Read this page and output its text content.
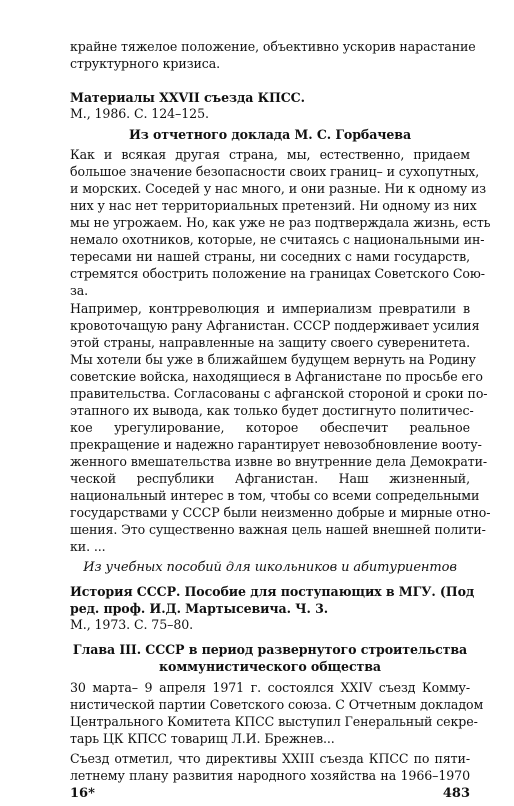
крайне тяжелое положение, объективно ускорив нарастание
структурного кризиса.
Материалы XXVII съезда КПСС.
М., 1986. С. 124–125.
Из отчетного доклада М. С. Горбачева
Как и всякая другая страна, мы, естественно, придаем
большое значение безопасности своих границ– и сухопутных,
и морских. Соседей у нас много, и они разные. Ни к одному из
них у нас нет территориальных претензий. Ни одному из них
мы не угрожаем. Но, как уже не раз подтверждала жизнь, есть
немало охотников, которые, не считаясь с национальными ин-
тересами ни нашей страны, ни соседних с нами государств,
стремятся обострить положение на границах Советского Сою-
за.
Например, контрреволюция и империализм превратили в
кровоточащую рану Афганистан. СССР поддерживает усилия
этой страны, направленные на защиту своего суверенитета.
Мы хотели бы уже в ближайшем будущем вернуть на Родину
советские войска, находящиеся в Афганистане по просьбе его
правительства. Согласованы с афганской стороной и сроки по-
этапного их вывода, как только будет достигнуто политичес-
кое урегулирование, которое обеспечит реальное
прекращение и надежно гарантирует невозобновление вооту-
женного вмешательства извне во внутренние дела Демократи-
ческой республики Афганистан. Наш жизненный,
национальный интерес в том, чтобы со всеми сопредельными
государствами у СССР были неизменно добрые и мирные отно-
шения. Это существенно важная цель нашей внешней полити-
ки. ...
Из учебных пособий для школьников и абитуриентов
История СССР. Пособие для поступающих в МГУ. (Под
ред. проф. И.Д. Мартысевича. Ч. 3.
М., 1973. С. 75–80.
Глава III. СССР в период развернутого строительства
коммунистического общества
30 марта– 9 апреля 1971 г. состоялся XXIV съезд Комму-
нистической партии Советского союза. С Отчетным докладом
Центрального Комитета КПСС выступил Генеральный секре-
тарь ЦК КПСС товарищ Л.И. Брежнев...
Съезд отметил, что директивы XXIII съезда КПСС по пяти-
летнему плану развития народного хозяйства на 1966–1970
16*	483
